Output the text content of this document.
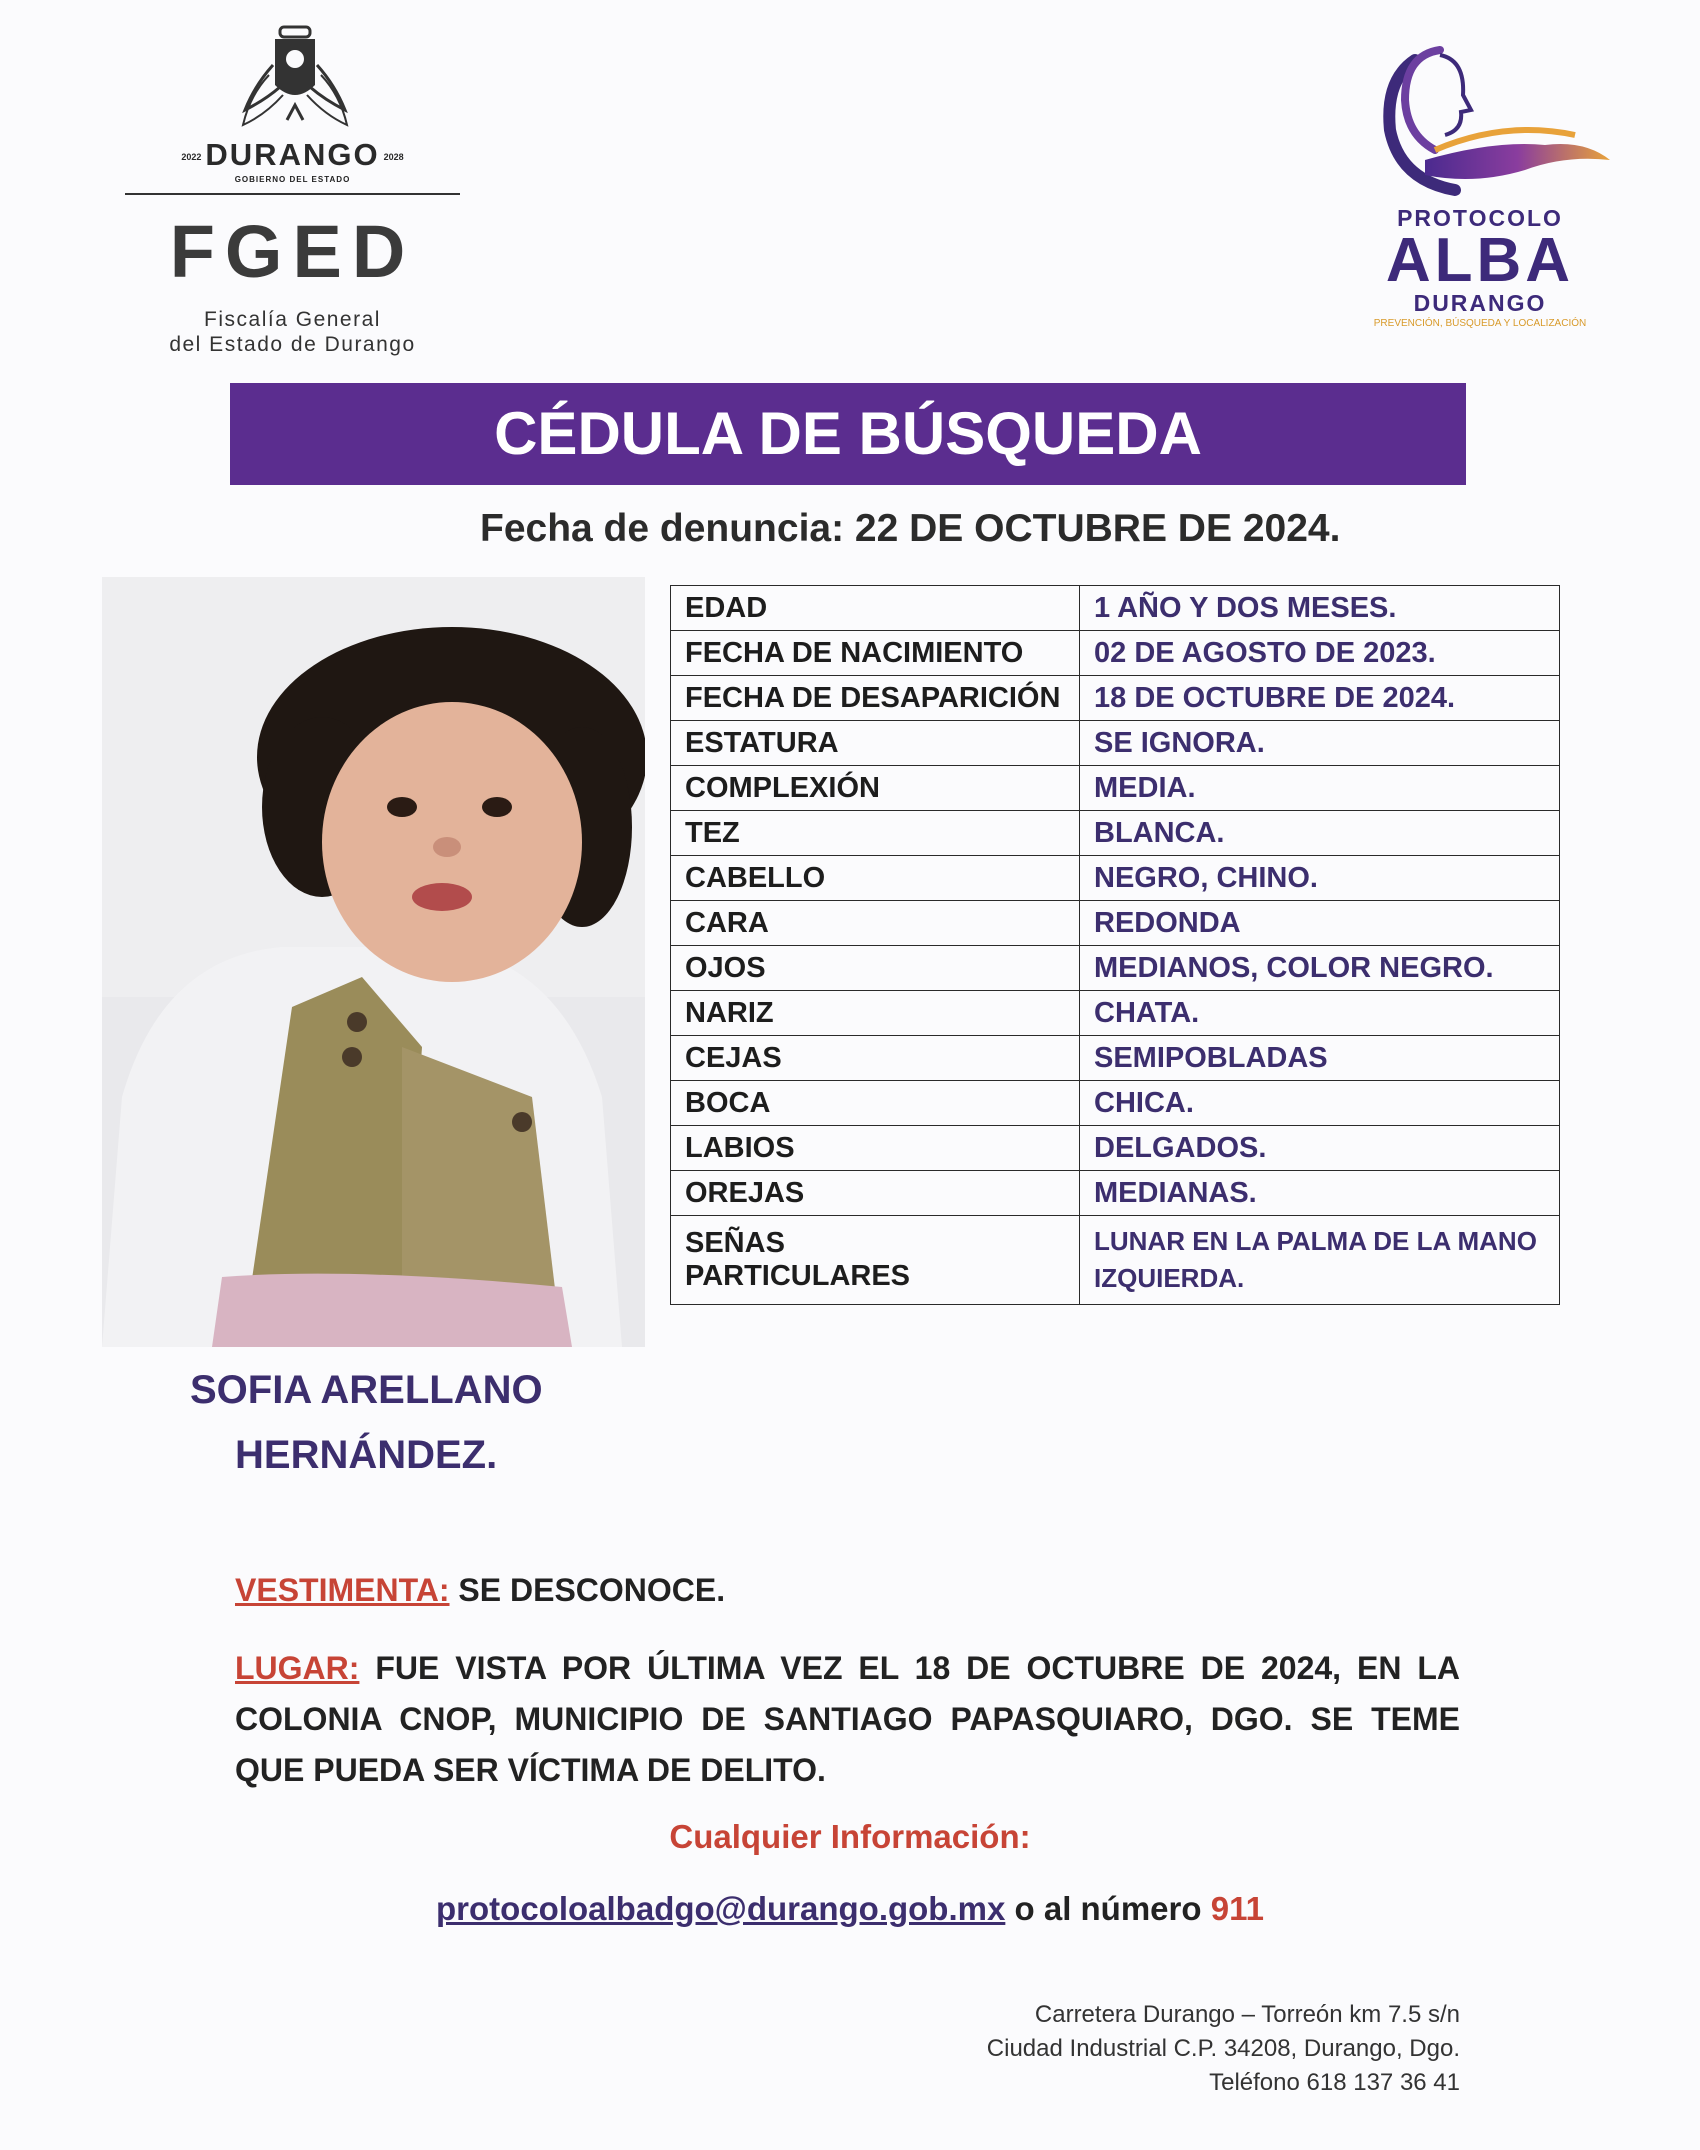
2022 DURANGO 2028
GOBIERNO DEL ESTADO
FGED
Fiscalía General
del Estado de Durango
PROTOCOLO
ALBA
DURANGO
PREVENCIÓN, BÚSQUEDA Y LOCALIZACIÓN
CÉDULA DE BÚSQUEDA
Fecha de denuncia: 22 DE OCTUBRE DE 2024.
EDAD	1 AÑO Y DOS MESES.
FECHA DE NACIMIENTO	02 DE AGOSTO DE 2023.
FECHA DE DESAPARICIÓN	18 DE OCTUBRE DE 2024.
ESTATURA	SE IGNORA.
COMPLEXIÓN	MEDIA.
TEZ	BLANCA.
CABELLO	NEGRO, CHINO.
CARA	REDONDA
OJOS	MEDIANOS, COLOR NEGRO.
NARIZ	CHATA.
CEJAS	SEMIPOBLADAS
BOCA	CHICA.
LABIOS	DELGADOS.
OREJAS	MEDIANAS.
SEÑAS
PARTICULARES	LUNAR EN LA PALMA DE LA MANO
IZQUIERDA.
SOFIA ARELLANO
HERNÁNDEZ.
VESTIMENTA: SE DESCONOCE.
LUGAR: FUE VISTA POR ÚLTIMA VEZ EL 18 DE OCTUBRE DE 2024, EN LA COLONIA CNOP, MUNICIPIO DE SANTIAGO PAPASQUIARO, DGO. SE TEME QUE PUEDA SER VÍCTIMA DE DELITO.
Cualquier Información:
protocoloalbadgo@durango.gob.mx o al número 911
Carretera Durango – Torreón km 7.5 s/n
Ciudad Industrial C.P. 34208, Durango, Dgo.
Teléfono 618 137 36 41
